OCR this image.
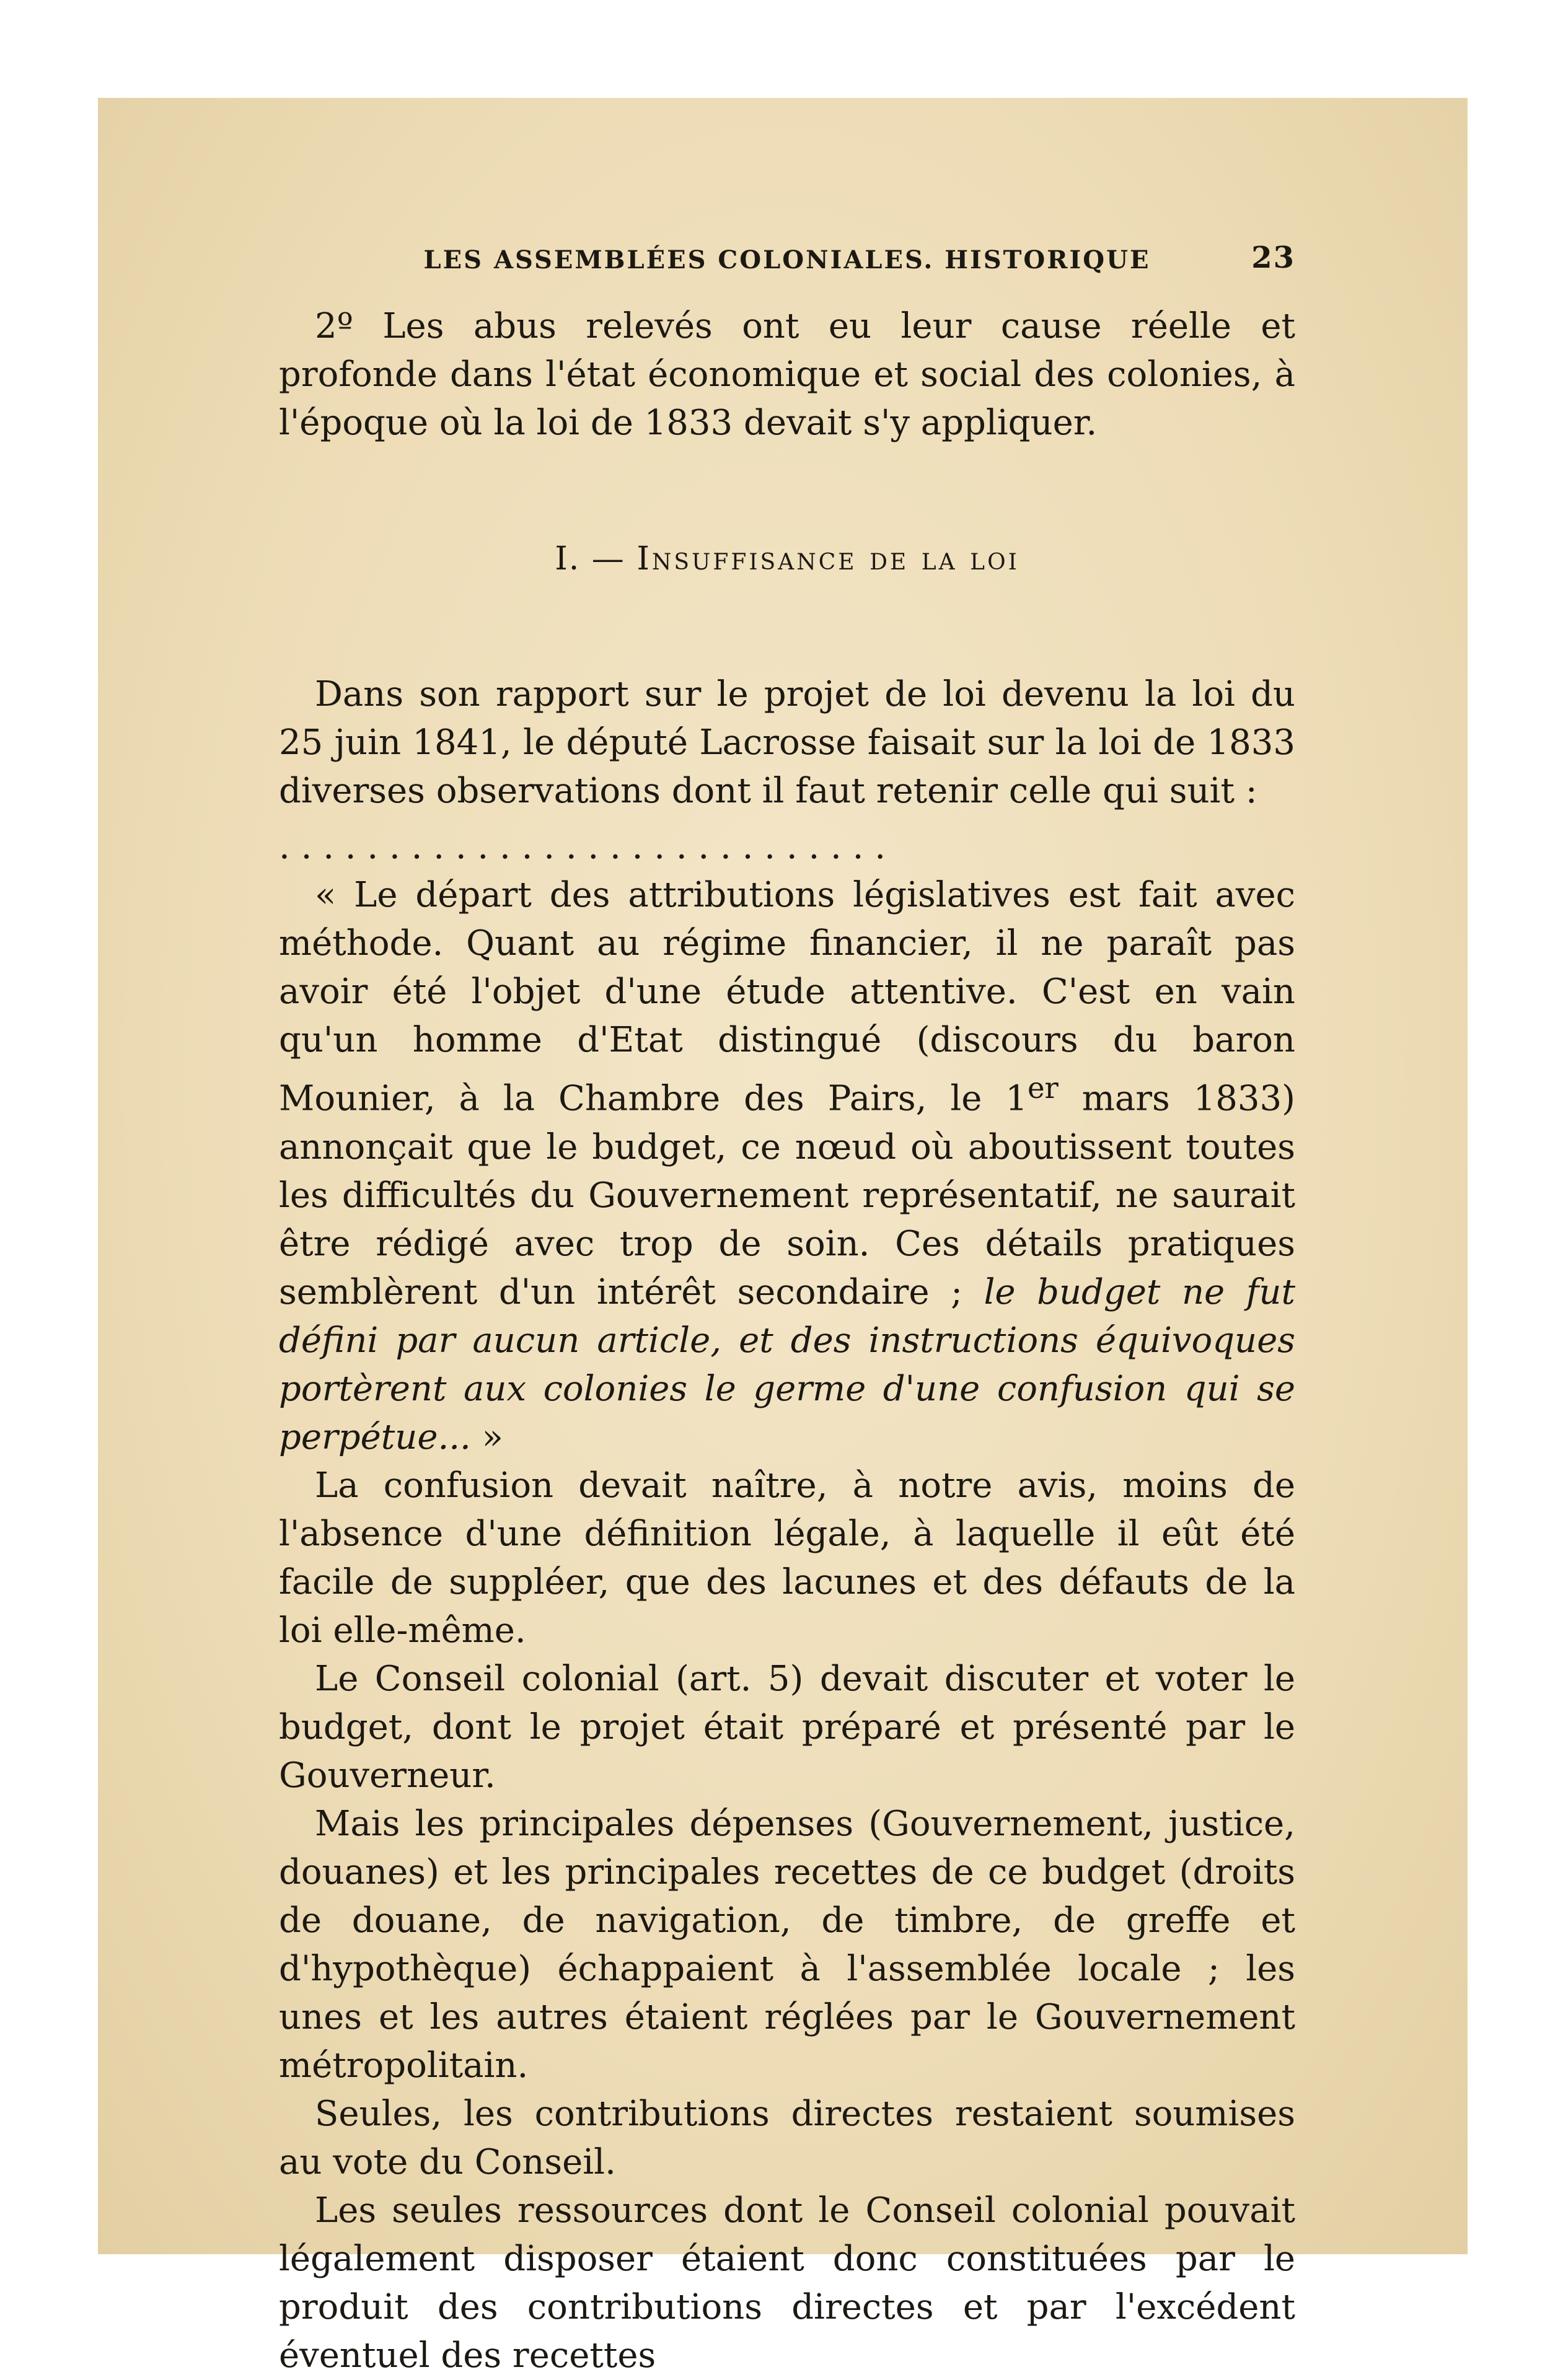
LES ASSEMBLÉES COLONIALES. HISTORIQUE	23

2º Les abus relevés ont eu leur cause réelle et profonde dans l'état économique et social des colonies, à l'époque où la loi de 1833 devait s'y appliquer.

I. — Insuffisance de la loi

Dans son rapport sur le projet de loi devenu la loi du 25 juin 1841, le député Lacrosse faisait sur la loi de 1833 diverses observations dont il faut retenir celle qui suit :

. . . . . . . . . . . . . . . . . . . . . . . . . . . .

« Le départ des attributions législatives est fait avec méthode. Quant au régime financier, il ne paraît pas avoir été l'objet d'une étude attentive. C'est en vain qu'un homme d'Etat distingué (discours du baron Mounier, à la Chambre des Pairs, le 1er mars 1833) annonçait que le budget, ce nœud où aboutissent toutes les difficultés du Gouvernement représentatif, ne saurait être rédigé avec trop de soin. Ces détails pratiques semblèrent d'un intérêt secondaire ; le budget ne fut défini par aucun article, et des instructions équivoques portèrent aux colonies le germe d'une confusion qui se perpétue... »

La confusion devait naître, à notre avis, moins de l'absence d'une définition légale, à laquelle il eût été facile de suppléer, que des lacunes et des défauts de la loi elle-même.

Le Conseil colonial (art. 5) devait discuter et voter le budget, dont le projet était préparé et présenté par le Gouverneur.

Mais les principales dépenses (Gouvernement, justice, douanes) et les principales recettes de ce budget (droits de douane, de navigation, de timbre, de greffe et d'hypothèque) échappaient à l'assemblée locale ; les unes et les autres étaient réglées par le Gouvernement métropolitain.

Seules, les contributions directes restaient soumises au vote du Conseil.

Les seules ressources dont le Conseil colonial pouvait légalement disposer étaient donc constituées par le produit des contributions directes et par l'excédent éventuel des recettes
